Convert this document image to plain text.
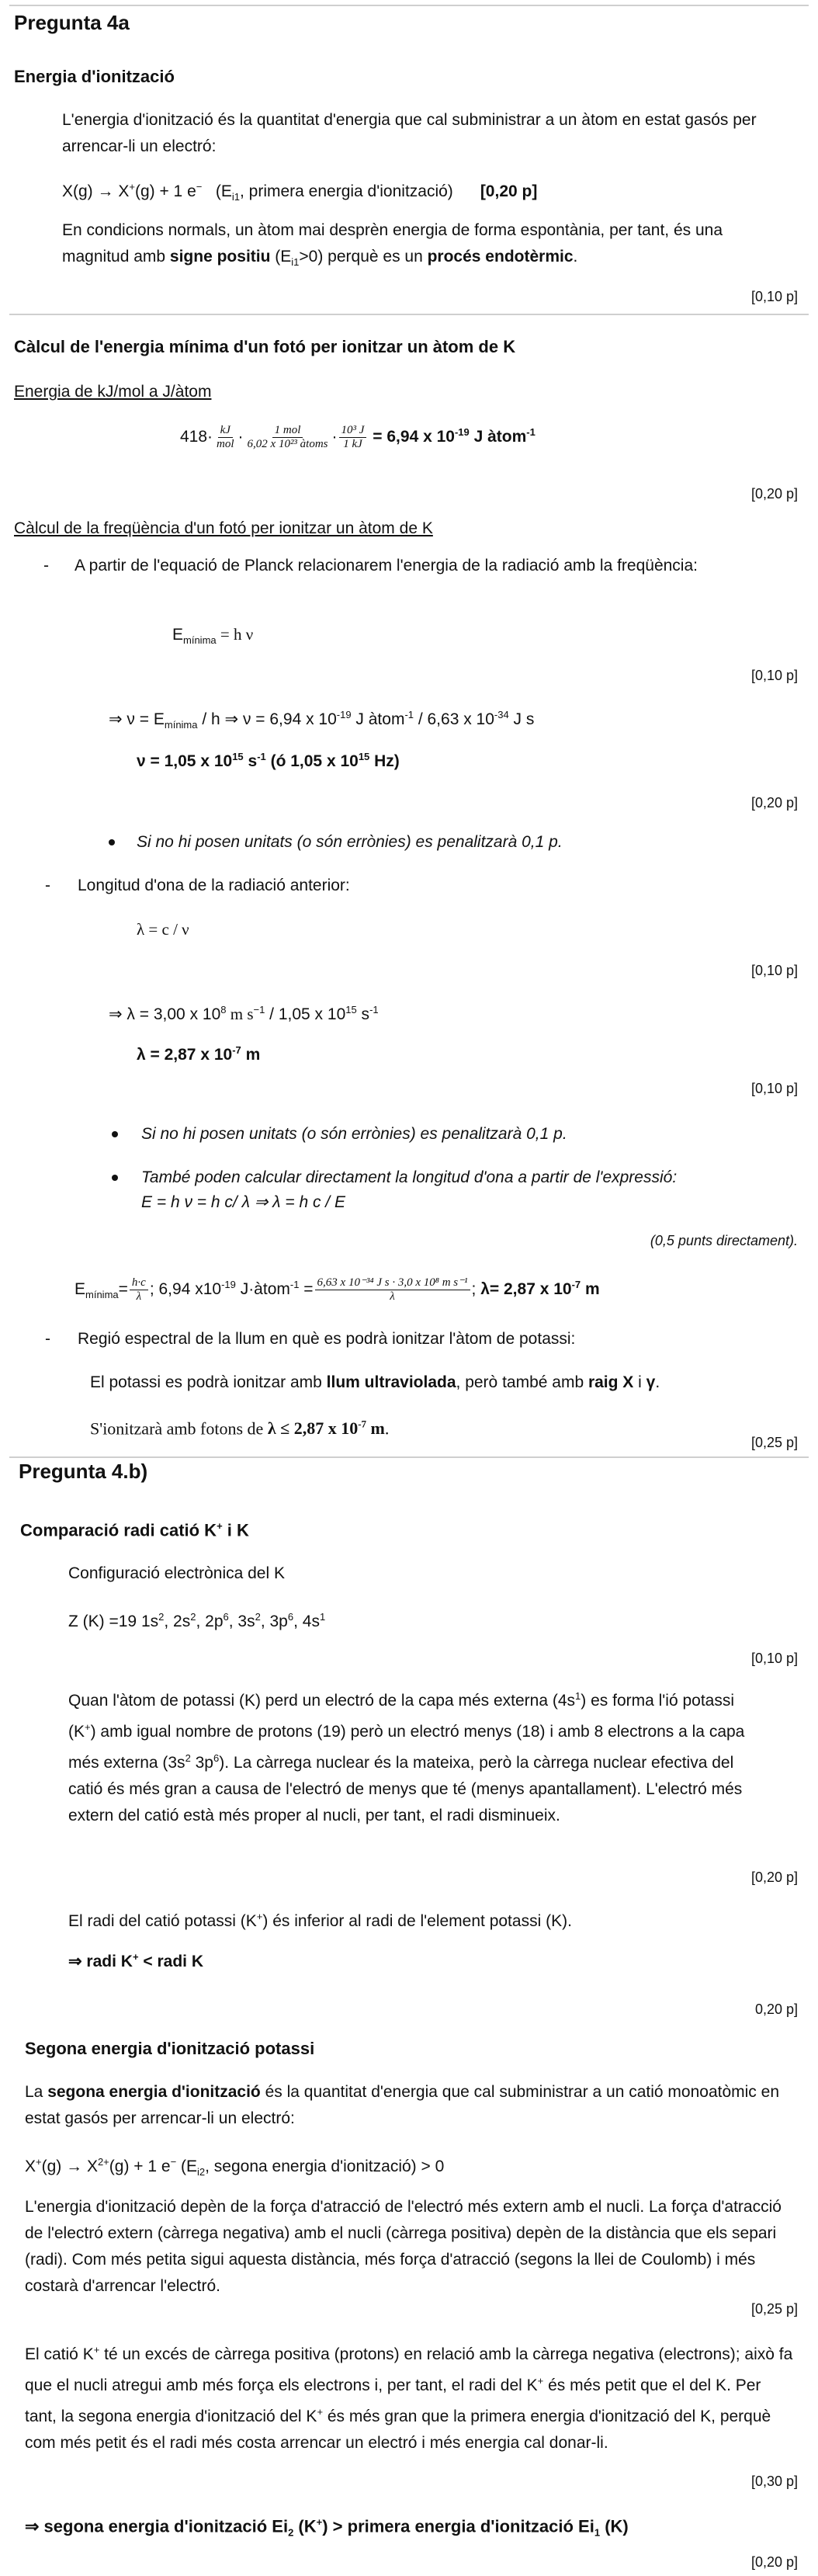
Pregunta 4a
Energia d'ionització
L'energia d'ionització és la quantitat d'energia que cal subministrar a un àtom en estat gasós per arrencar-li un electró:
X(g) → X+(g) + 1 e− ($E_{i1}$, primera energia d'ionització) [0,20 p]
En condicions normals, un àtom mai desprèn energia de forma espontània, per tant, és una magnitud amb signe positiu $(E_{i1}>0)$ perquè es un procés endotèrmic.
[0,10 p]
Càlcul de l'energia mínima d'un fotó per ionitzar un àtom de K
Energia de kJ/mol a J/àtom
$418\cdot \frac{kJ}{\text{mol}} \cdot \frac{\text{1 mol}}{\text{6,02 x 10²³ àtoms}} \cdot \frac{\text{10³ J}}{1 kJ} = 6,94$ x $10^{-19}$ J àtom$^{-1}$
[0,20 p]
Càlcul de la freqüència d'un fotó per ionitzar un àtom de K
- A partir de l'equació de Planck relacionarem l'energia de la radiació amb la freqüència:
$E_{mínima} = h$ ν
[0,10 p]
⇒ $\nu = E_{mínima} / h$ ⇒ ν = 6,94 x $10^{-19}$ J àtom$^{-1}$ / 6,63 x $10^{-34}$ J s
ν = 1,05 x $10^{15}$ $s^{-1}$ (ó 1,05 x $10^{15}$ Hz)
[0,20 p]
Si no hi posen unitats (o són errònies) es penalitzarà 0,1 p.
- Longitud d'ona de la radiació anterior:
λ = c / ν
[0,10 p]
⇒ λ = 3,00 x $10^8$ m $s^{-1} / 1,05$ x $10^{15}$ $s^{-1}$
λ = 2,87 x $10^{-7}$ m
[0,10 p]
Si no hi posen unitats (o són errònies) es penalitzarà 0,1 p.
També poden calcular directament la longitud d'ona a partir de l'expressió:
E = h ν = h c/ λ ⇒ λ = h c / E
(0,5 punts directament).
$E_{mínima}= \frac{h\cdot c}{\lambda}$ ; 6,94 $x10^{-19}$ J·àtom$^{-1}$ = $\frac{\text{6,63 x 10⁻³⁴ J s · 3,0 x 10⁸ m s⁻¹}}{\lambda}$ ; λ= 2,87 x $10^{-7}$ m
- Regió espectral de la llum en què es podrà ionitzar l'àtom de potassi:
El potassi es podrà ionitzar amb llum ultraviolada, però també amb raig X i γ.
S'ionitzarà amb fotons de λ ≤ 2,87 x $10^{-7}$ m.
[0,25 p]
Pregunta 4.b)
Comparació radi catió K+ i K
Configuració electrònica del K
Z (K) =19 $1s^2$, $2s^2$, $2p^6$, $3s^2$, $3p^6$, $4s^1$
[0,10 p]
Quan l'àtom de potassi (K) perd un electró de la capa més externa $(4s^1)$ es forma l'ió potassi (K+) amb igual nombre de protons (19) però un electró menys (18) i amb 8 electrons a la capa més externa ($3s^2$ $3p^6$). La càrrega nuclear és la mateixa, però la càrrega nuclear efectiva del catió és més gran a causa de l'electró de menys que té (menys apantallament). L'electró més extern del catió està més proper al nucli, per tant, el radi disminueix.
[0,20 p]
El radi del catió potassi (K+) és inferior al radi de l'element potassi (K).
⇒ radi K+ < radi K
0,20 p]
Segona energia d'ionització potassi
La segona energia d'ionització és la quantitat d'energia que cal subministrar a un catió monoatòmic en estat gasós per arrencar-li un electró:
$X^+(g) \to X^{2+}(g) + 1$ e− ($E_{i2}$, segona energia d'ionització) > 0
L'energia d'ionització depèn de la força d'atracció de l'electró més extern amb el nucli. La força d'atracció de l'electró extern (càrrega negativa) amb el nucli (càrrega positiva) depèn de la distància que els separi (radi). Com més petita sigui aquesta distància, més força d'atracció (segons la llei de Coulomb) i més costarà d'arrencar l'electró.
[0,25 p]
El catió K+ té un excés de càrrega positiva (protons) en relació amb la càrrega negativa (electrons); això fa que el nucli atregui amb més força els electrons i, per tant, el radi del K+ és més petit que el del K. Per tant, la segona energia d'ionització del K+ és més gran que la primera energia d'ionització del K, perquè com més petit és el radi més costa arrencar un electró i més energia cal donar-li.
[0,30 p]
⇒ segona energia d'ionització $Ei_2$ (K+) > primera energia d'ionització $Ei_1$ (K)
[0,20 p]
